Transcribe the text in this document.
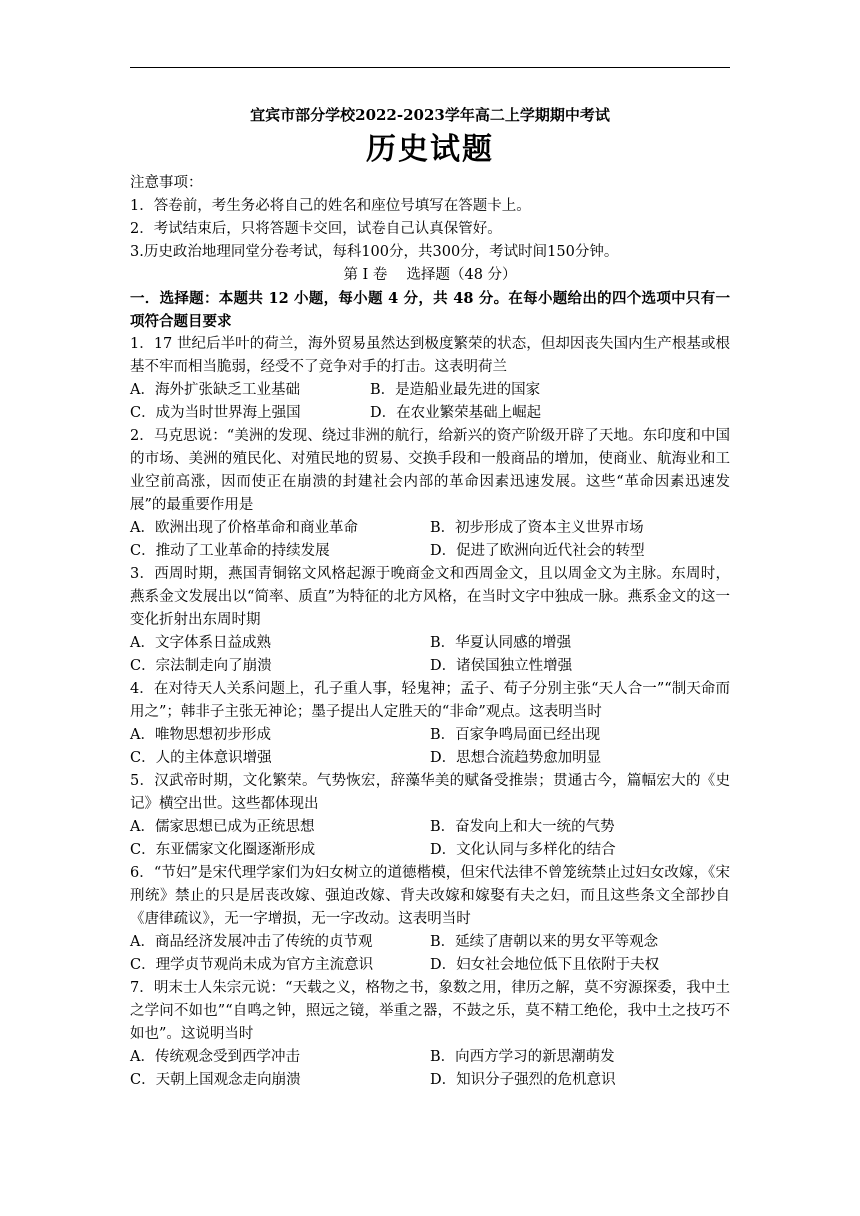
宜宾市部分学校2022-2023学年高二上学期期中考试
历史试题
注意事项：
1．答卷前，考生务必将自己的姓名和座位号填写在答题卡上。
2．考试结束后，只将答题卡交回，试卷自己认真保管好。
3.历史政治地理同堂分卷考试，每科100分，共300分，考试时间150分钟。
第 I 卷　 选择题（48 分）
一．选择题：本题共 12 小题，每小题 4 分，共 48 分。在每小题给出的四个选项中只有一项符合题目要求
1．17 世纪后半叶的荷兰，海外贸易虽然达到极度繁荣的状态，但却因丧失国内生产根基或根基不牢而相当脆弱，经受不了竞争对手的打击。这表明荷兰
A．海外扩张缺乏工业基础	B．是造船业最先进的国家
C．成为当时世界海上强国	D．在农业繁荣基础上崛起
2．马克思说：“美洲的发现、绕过非洲的航行，给新兴的资产阶级开辟了天地。东印度和中国的市场、美洲的殖民化、对殖民地的贸易、交换手段和一般商品的增加，使商业、航海业和工业空前高涨，因而使正在崩溃的封建社会内部的革命因素迅速发展。这些“革命因素迅速发展”的最重要作用是
A．欧洲出现了价格革命和商业革命	B．初步形成了资本主义世界市场
C．推动了工业革命的持续发展	D．促进了欧洲向近代社会的转型
3．西周时期，燕国青铜铭文风格起源于晚商金文和西周金文，且以周金文为主脉。东周时，燕系金文发展出以“简率、质直”为特征的北方风格，在当时文字中独成一脉。燕系金文的这一变化折射出东周时期
A．文字体系日益成熟	B．华夏认同感的增强
C．宗法制走向了崩溃	D．诸侯国独立性增强
4．在对待天人关系问题上，孔子重人事，轻鬼神；孟子、荀子分别主张“天人合一”“制天命而用之”；韩非子主张无神论；墨子提出人定胜天的“非命”观点。这表明当时
A．唯物思想初步形成	B．百家争鸣局面已经出现
C．人的主体意识增强	D．思想合流趋势愈加明显
5．汉武帝时期，文化繁荣。气势恢宏，辞藻华美的赋备受推崇；贯通古今，篇幅宏大的《史记》横空出世。这些都体现出
A．儒家思想已成为正统思想	B．奋发向上和大一统的气势
C．东亚儒家文化圈逐渐形成	D．文化认同与多样化的结合
6．“节妇”是宋代理学家们为妇女树立的道德楷模，但宋代法律不曾笼统禁止过妇女改嫁，《宋刑统》禁止的只是居丧改嫁、强迫改嫁、背夫改嫁和嫁娶有夫之妇，而且这些条文全部抄自《唐律疏议》，无一字增损，无一字改动。这表明当时
A．商品经济发展冲击了传统的贞节观	B．延续了唐朝以来的男女平等观念
C．理学贞节观尚未成为官方主流意识	D．妇女社会地位低下且依附于夫权
7．明末士人朱宗元说：“天载之义，格物之书，象数之用，律历之解，莫不穷源探委，我中土之学问不如也”“自鸣之钟，照远之镜，举重之器，不鼓之乐，莫不精工绝伦，我中土之技巧不如也”。这说明当时
A．传统观念受到西学冲击	B．向西方学习的新思潮萌发
C．天朝上国观念走向崩溃	D．知识分子强烈的危机意识
